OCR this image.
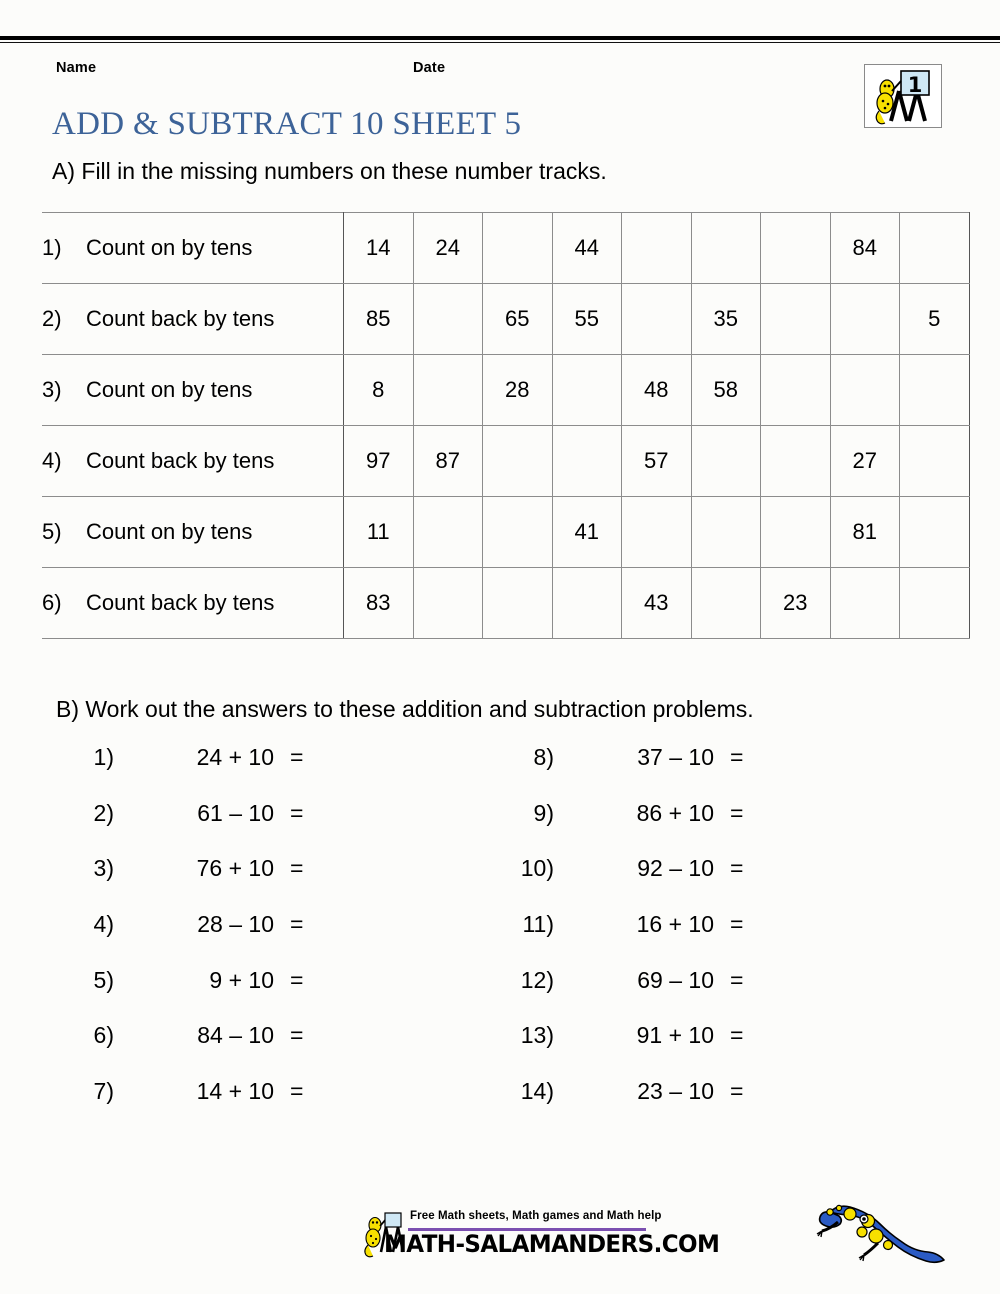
Name	Date
1
ADD & SUBTRACT 10 SHEET 5
A) Fill in the missing numbers on these number tracks.
1) Count on by tens	14	24		44				84	
2) Count back by tens	85		65	55		35			5
3) Count on by tens	8		28		48	58			
4) Count back by tens	97	87			57			27	
5) Count on by tens	11			41				81	
6) Count back by tens	83				43		23		
B) Work out the answers to these addition and subtraction problems.
1)	24 + 10 =
2)	61 – 10 =
3)	76 + 10 =
4)	28 – 10 =
5)	9 + 10 =
6)	84 – 10 =
7)	14 + 10 =
8)	37 – 10 =
9)	86 + 10 =
10)	92 – 10 =
11)	16 + 10 =
12)	69 – 10 =
13)	91 + 10 =
14)	23 – 10 =
Free Math sheets, Math games and Math help
MATH-SALAMANDERS.COM
